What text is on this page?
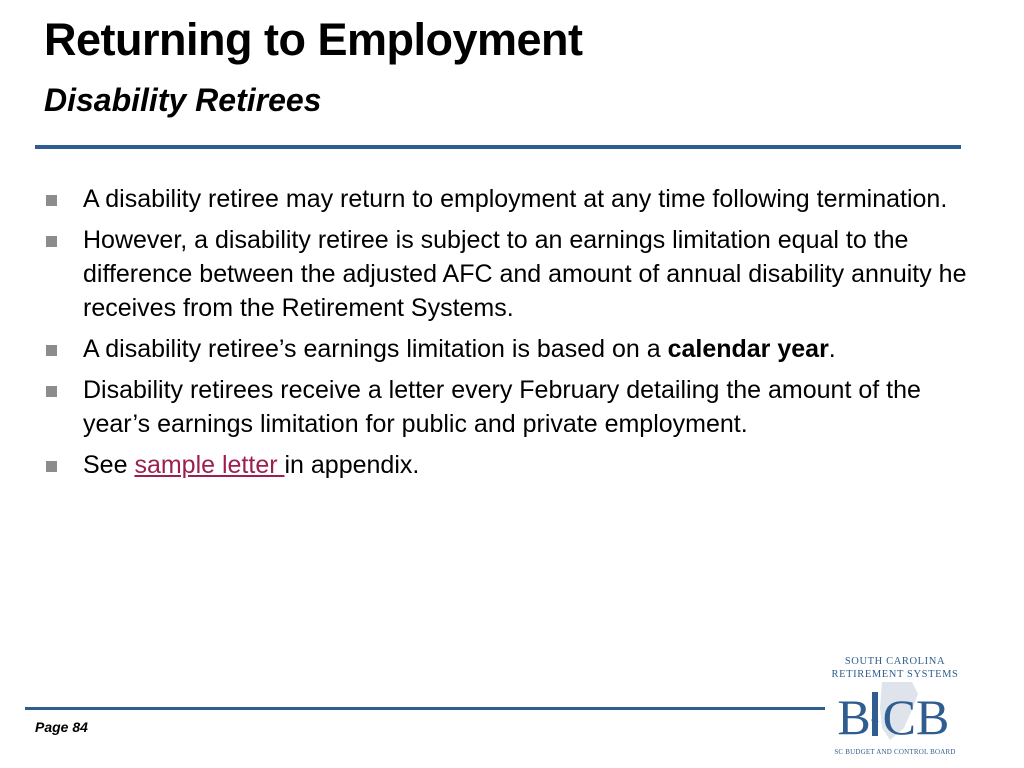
Returning to Employment
Disability Retirees
A disability retiree may return to employment at any time following termination.
However, a disability retiree is subject to an earnings limitation equal to the difference between the adjusted AFC and amount of annual disability annuity he receives from the Retirement Systems.
A disability retiree’s earnings limitation is based on a calendar year.
Disability retirees receive a letter every February detailing the amount of the year’s earnings limitation for public and private employment.
See sample letter in appendix.
Page 84
SOUTH CAROLINA
RETIREMENT SYSTEMS
B & CB
SC BUDGET AND CONTROL BOARD
